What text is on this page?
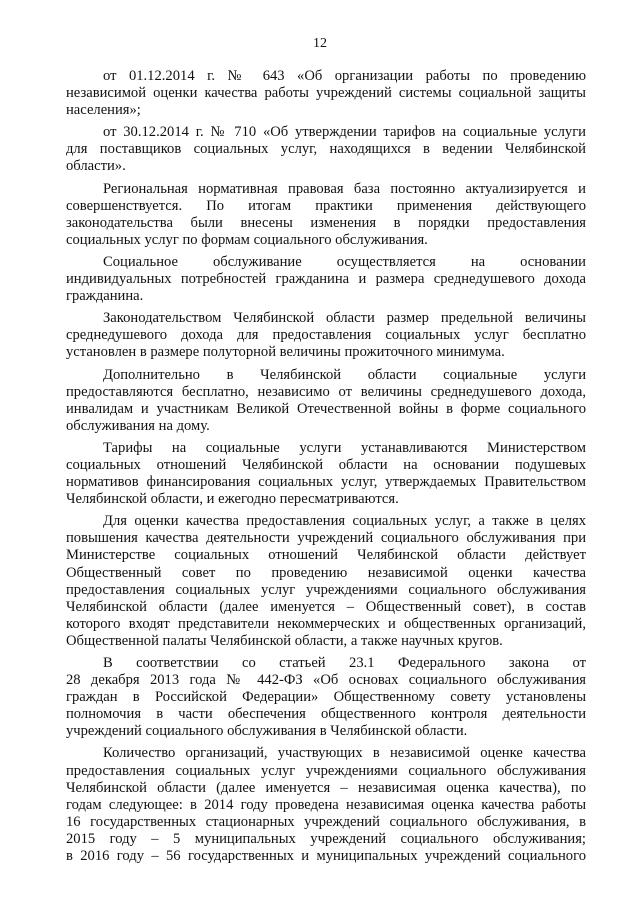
12
от 01.12.2014 г. № 643 «Об организации работы по проведению
независимой оценки качества работы учреждений системы социальной защиты
населения»;
от 30.12.2014 г. № 710 «Об утверждении тарифов на социальные услуги
для поставщиков социальных услуг, находящихся в ведении Челябинской
области».
Региональная нормативная правовая база постоянно актуализируется и
совершенствуется. По итогам практики применения действующего
законодательства были внесены изменения в порядки предоставления
социальных услуг по формам социального обслуживания.
Социальное обслуживание осуществляется на основании
индивидуальных потребностей гражданина и размера среднедушевого дохода
гражданина.
Законодательством Челябинской области размер предельной величины
среднедушевого дохода для предоставления социальных услуг бесплатно
установлен в размере полуторной величины прожиточного минимума.
Дополнительно в Челябинской области социальные услуги
предоставляются бесплатно, независимо от величины среднедушевого дохода,
инвалидам и участникам Великой Отечественной войны в форме социального
обслуживания на дому.
Тарифы на социальные услуги устанавливаются Министерством
социальных отношений Челябинской области на основании подушевых
нормативов финансирования социальных услуг, утверждаемых Правительством
Челябинской области, и ежегодно пересматриваются.
Для оценки качества предоставления социальных услуг, а также в целях
повышения качества деятельности учреждений социального обслуживания при
Министерстве социальных отношений Челябинской области действует
Общественный совет по проведению независимой оценки качества
предоставления социальных услуг учреждениями социального обслуживания
Челябинской области (далее именуется – Общественный совет), в состав
которого входят представители некоммерческих и общественных организаций,
Общественной палаты Челябинской области, а также научных кругов.
В соответствии со статьей 23.1 Федерального закона от
28 декабря 2013 года № 442-ФЗ «Об основах социального обслуживания
граждан в Российской Федерации» Общественному совету установлены
полномочия в части обеспечения общественного контроля деятельности
учреждений социального обслуживания в Челябинской области.
Количество организаций, участвующих в независимой оценке качества
предоставления социальных услуг учреждениями социального обслуживания
Челябинской области (далее именуется – независимая оценка качества), по
годам следующее: в 2014 году проведена независимая оценка качества работы
16 государственных стационарных учреждений социального обслуживания, в
2015 году – 5 муниципальных учреждений социального обслуживания;
в 2016 году – 56 государственных и муниципальных учреждений социального
